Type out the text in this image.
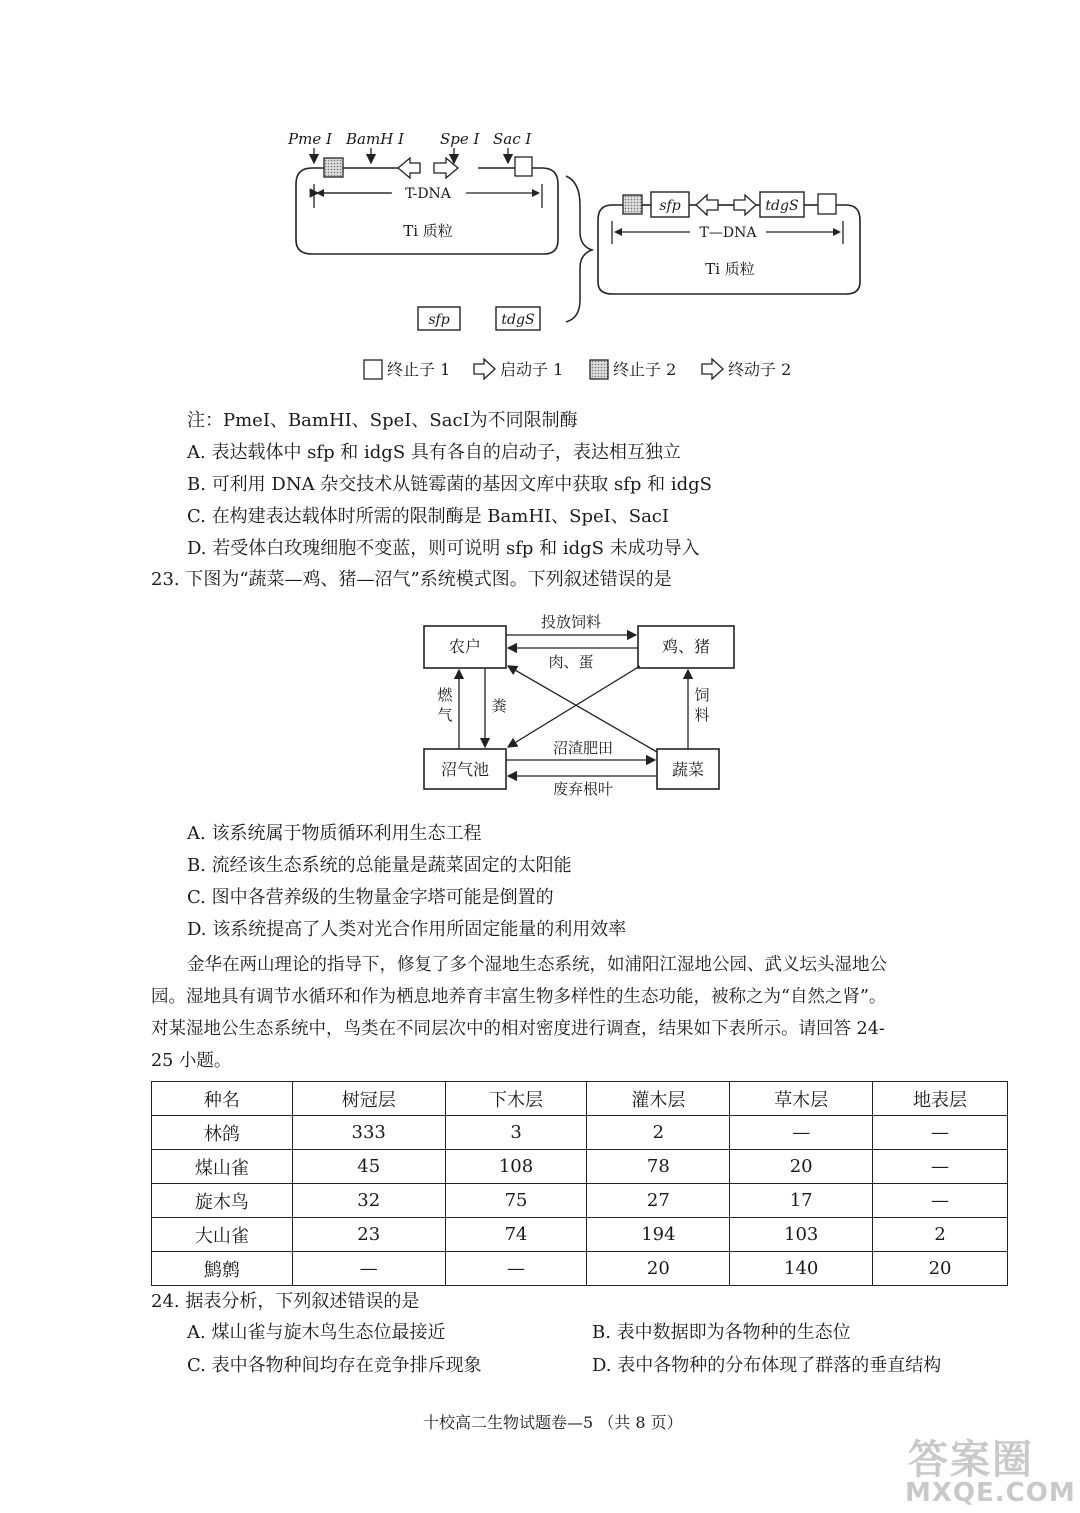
Pme Ⅰ BamH Ⅰ Spe Ⅰ Sac Ⅰ
T-DNA
Ti 质粒
sfp	tdgS
sfp	tdgS
T—DNA
Ti 质粒
终止子 1	启动子 1	终止子 2	终动子 2
注：PmeⅠ、BamHⅠ、SpeⅠ、SacⅠ为不同限制酶
A. 表达载体中 sfp 和 idgS 具有各自的启动子，表达相互独立
B. 可利用 DNA 杂交技术从链霉菌的基因文库中获取 sfp 和 idgS
C. 在构建表达载体时所需的限制酶是 BamHⅠ、SpeⅠ、SacⅠ
D. 若受体白玫瑰细胞不变蓝，则可说明 sfp 和 idgS 未成功导入
23. 下图为“蔬菜—鸡、猪—沼气”系统模式图。下列叙述错误的是
农户	鸡、猪
沼气池	蔬菜
投放饲料
肉、蛋
燃
气	粪
饲
料
沼渣肥田
废弃根叶
A. 该系统属于物质循环利用生态工程
B. 流经该生态系统的总能量是蔬菜固定的太阳能
C. 图中各营养级的生物量金字塔可能是倒置的
D. 该系统提高了人类对光合作用所固定能量的利用效率
金华在两山理论的指导下，修复了多个湿地生态系统，如浦阳江湿地公园、武义坛头湿地公
园。湿地具有调节水循环和作为栖息地养育丰富生物多样性的生态功能，被称之为“自然之肾”。
对某湿地公生态系统中，鸟类在不同层次中的相对密度进行调查，结果如下表所示。请回答 24-
25 小题。
种名	树冠层	下木层	灌木层	草木层	地表层
林鸽	333	3	2	—	—
煤山雀	45	108	78	20	—
旋木鸟	32	75	27	17	—
大山雀	23	74	194	103	2
鹪鹩	—	—	20	140	20
24. 据表分析，下列叙述错误的是
A. 煤山雀与旋木鸟生态位最接近	B. 表中数据即为各物种的生态位
C. 表中各物种间均存在竞争排斥现象	D. 表中各物种的分布体现了群落的垂直结构
十校高二生物试题卷—5 （共 8 页）
答案圈
MXQE.COM
